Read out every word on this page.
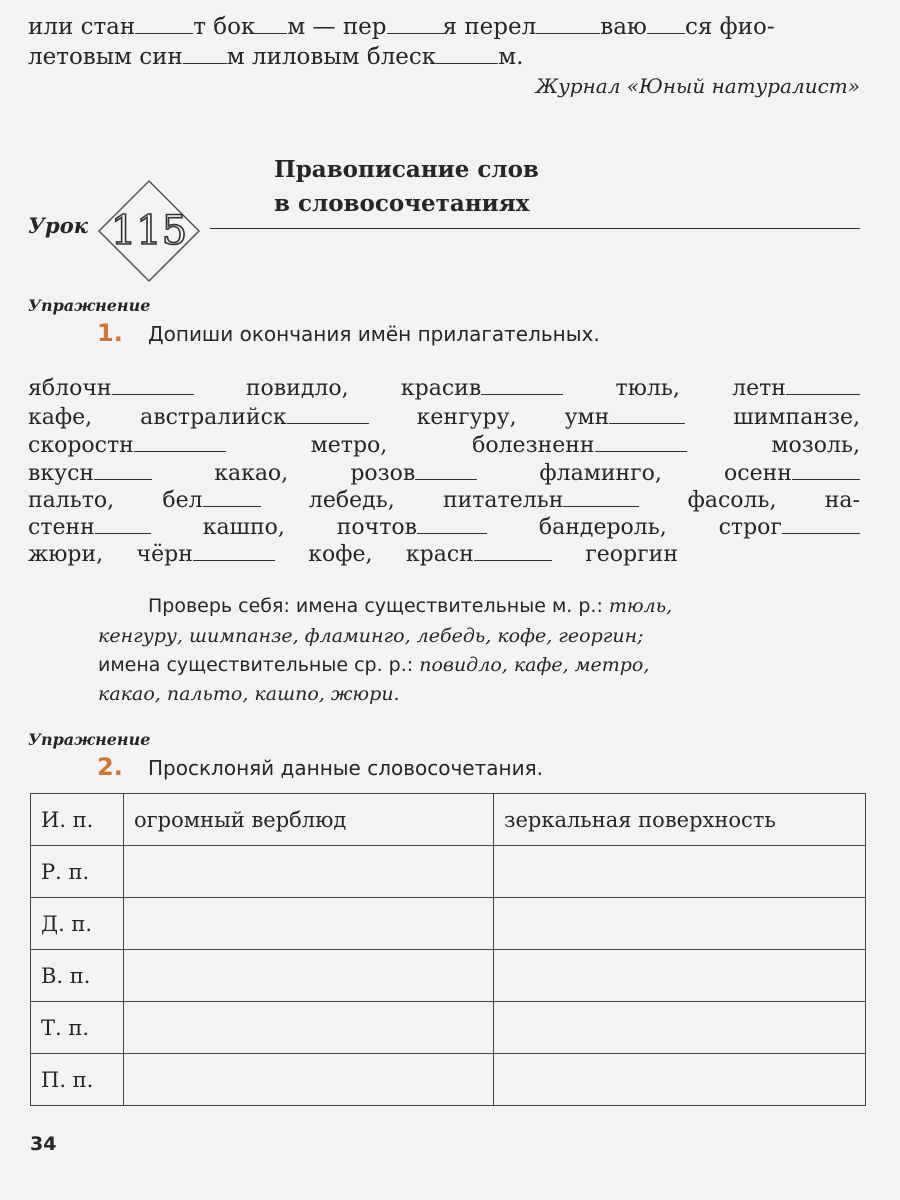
или стан	т бок м — пер я перел	ваю ся фио-
летовым син м лиловым блеск	м.
Журнал «Юный натуралист»
Правописание слов
в словосочетаниях
Урок 115
Упражнение
1. Допиши окончания имён прилагательных.
яблочн	повидло, красив	тюль, летн
кафе, австралийск	кенгуру, умн	шимпанзе,
скоростн	метро,	болезненн	мозоль,
вкусн	какао,	розов	фламинго,	осенн
пальто, бел	лебедь, питательн	фасоль, на-
стенн	кашпо, почтов	бандероль, строг
жюри, чёрн	кофе, красн	георгин
Проверь себя: имена существительные м. р.: тюль,
кенгуру, шимпанзе, фламинго, лебедь, кофе, георгин;
имена существительные ср. р.: повидло, кафе, метро,
какао, пальто, кашпо, жюри.
Упражнение
2. Просклоняй данные словосочетания.
И. п.	огромный верблюд	зеркальная поверхность
Р. п.		
Д. п.		
В. п.		
Т. п.		
П. п.		
34
